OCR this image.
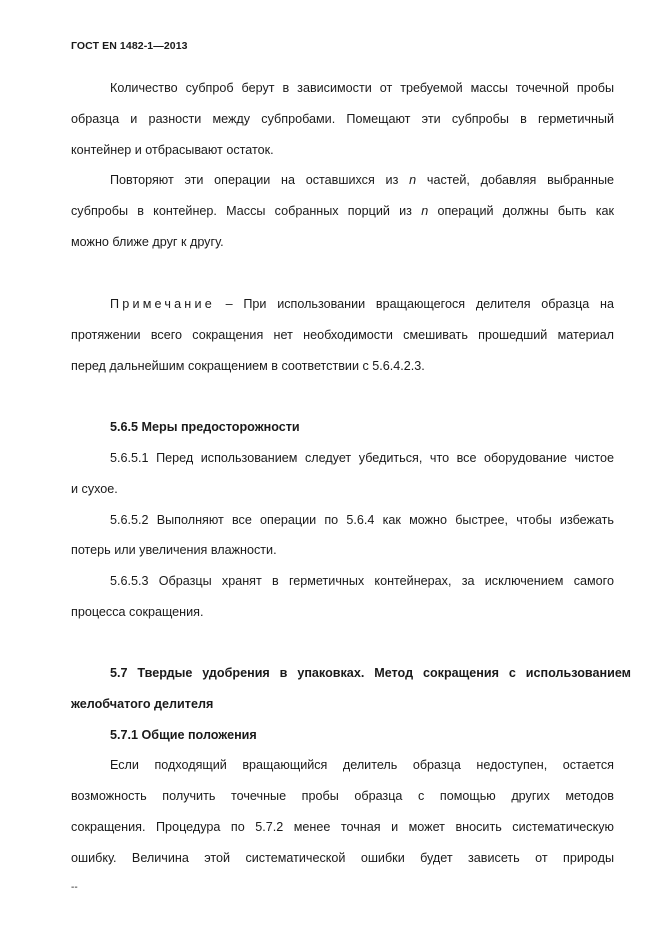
ГОСТ EN 1482-1—2013
Количество субпроб берут в зависимости от требуемой массы точечной пробы
образца и разности между субпробами. Помещают эти субпробы в герметичный
контейнер и отбрасывают остаток.
Повторяют эти операции на оставшихся из n частей, добавляя выбранные
субпробы в контейнер. Массы собранных порций из n операций должны быть как
можно ближе друг к другу.
Примечание – При использовании вращающегося делителя образца на
протяжении всего сокращения нет необходимости смешивать прошедший материал
перед дальнейшим сокращением в соответствии с 5.6.4.2.3.
5.6.5 Меры предосторожности
5.6.5.1 Перед использованием следует убедиться, что все оборудование чистое
и сухое.
5.6.5.2 Выполняют все операции по 5.6.4 как можно быстрее, чтобы избежать
потерь или увеличения влажности.
5.6.5.3 Образцы хранят в герметичных контейнерах, за исключением самого
процесса сокращения.
5.7 Твердые удобрения в упаковках. Метод сокращения с использованием
желобчатого делителя
5.7.1 Общие положения
Если подходящий вращающийся делитель образца недоступен, остается
возможность получить точечные пробы образца с помощью других методов
сокращения. Процедура по 5.7.2 менее точная и может вносить систематическую
ошибку. Величина этой систематической ошибки будет зависеть от природы
--
